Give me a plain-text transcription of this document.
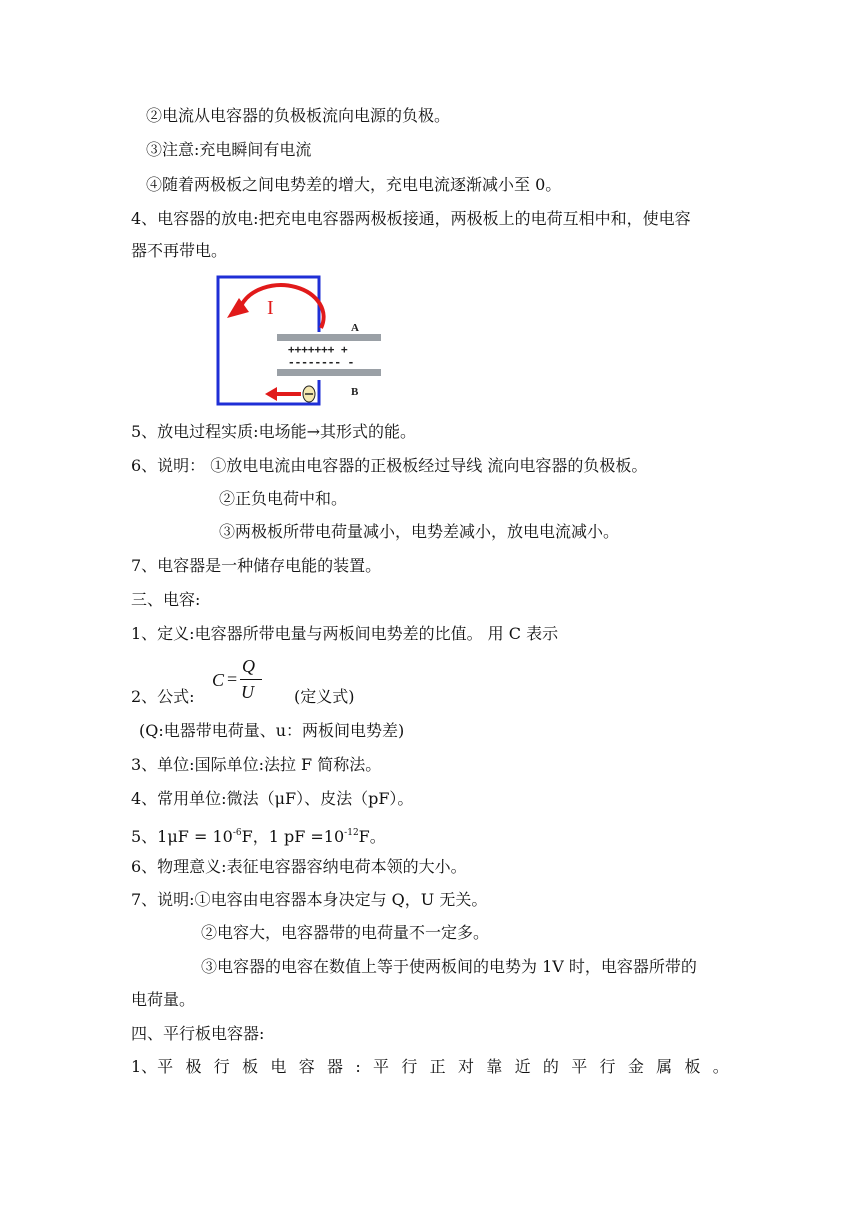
②电流从电容器的负极板流向电源的负极。
③注意:充电瞬间有电流
④随着两极板之间电势差的增大，充电电流逐渐减小至 0。
4、电容器的放电:把充电电容器两极板接通，两极板上的电荷互相中和，使电容
器不再带电。
I
A
+++++++ +
-------- -
B
5、放电过程实质:电场能→其形式的能。
6、说明： ①放电电流由电容器的正极板经过导线 流向电容器的负极板。
②正负电荷中和。
③两极板所带电荷量减小，电势差减小，放电电流减小。
7、电容器是一种储存电能的装置。
三、电容:
1、定义:电容器所带电量与两板间电势差的比值。 用 C 表示
2、公式:
C =
Q
U	(定义式)
(Q:电器带电荷量、u：两板间电势差)
3、单位:国际单位:法拉 F 简称法。
4、常用单位:微法（μF）、皮法（pF）。
5、$1\mu F = 10^{-6}F$，1 pF $=10^{-12}F$。
6、物理意义:表征电容器容纳电荷本领的大小。
7、说明:①电容由电容器本身决定与 Q，U 无关。
②电容大，电容器带的电荷量不一定多。
③电容器的电容在数值上等于使两板间的电势为 1V 时，电容器所带的
电荷量。
四、平行板电容器:
1、平 极 行 板 电 容 器 : 平 行 正 对 靠 近 的 平 行 金 属 板 。
